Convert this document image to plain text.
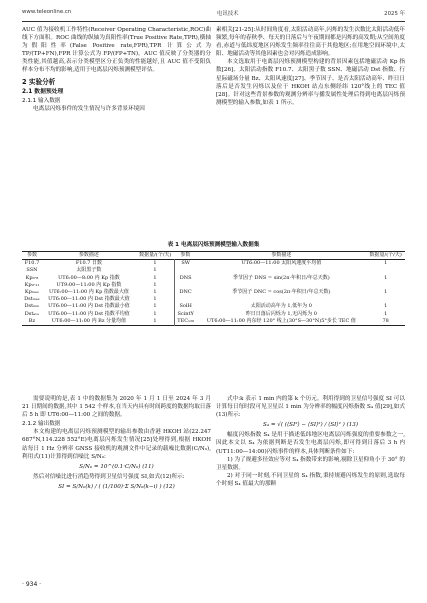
www.teleonline.cn	电讯技术	2025 年

AUC 值为接收机工作特性(Receiver Operating Characteristic,ROC)曲线下方面积。ROC 曲线的纵轴为真阳性率(True Positive Rate,TPR),横轴为假阳性率(False Positive rate,FPR),TPR 计算公式为 TP/(TP+FN),FPR 计算公式为 FP/(FP+TN)。AUC 值反映了分类器的分类性能,其值越高,表示分类模型区分正负类的性能越好,且 AUC 值不受阳负样本分布不均的影响,适用于电离层闪烁预测模型评估。

2 实验分析
2.1 数据预处理
2.1.1 输入数据

电离层闪烁事件的发生情况与许多背景环境因

素相关[21-25]:从时间角度看,太阳活动高年,闪烁的发生次数比太阳活动低年频繁,每年的春秋季、每天的日落后与午夜期间都是闪烁的高发期;从空间角度看,赤道与低纬度地区闪烁发生频率往往高于其他地区;在用地空间环境中,太阳、地磁活动等其他因素也会对闪烁造成影响。

本文选取用于电离层闪烁预测模型构建的背景因素包括地磁活动 Kp 指数[26]、太阳活动指数 F10.7、太阳黑子数 SSN、地磁活动 Dst 指数、行星际磁场分量 Bz、太阳风速度[27]、季节因子、是否太阳活动高年、昨日日落后是否发生闪烁以及位于 HKOH 站点东侧经纬 120°线上的 TEC 值[28]。针对这些背景参数的观测分辨率与播发属性处理后得到电离层闪烁预测模型的输入参数,如表 1 所示。

表 1 电离层闪烁预测模型输入数据集
参数	参数描述	数据量/(个/天)	参数	参数描述	数据量/(个/天)
F10.7	F10.7 日数	1	SW	UT6:00—11:00 太阳风速度平均值	1
SSN	太阳黑子数	1			
Kp₀-₈	UT6:00—8:00 内 Kp 指数	1	DNS	季节因子 DNS = sin(2π·年积日/年总天数)	1
Kp₉-₁₁	UT9:00—11:00 内 Kp 指数	1			
Kpₘₐₓ	UT6:00—11:00 内 Kp 指数最大值	1	DNC	季节因子 DNC = cos(2π·年积日/年总天数)	1
Dstₘₐₓ	UT6:00—11:00 内 Dst 指数最大值	1			
Dstₘᵢₙ	UT6:00—11:00 内 Dst 指数最小值	1	SolH	太阳活动高年为 1,低年为 0	1
Dstₐᵥₑ	UT6:00—11:00 内 Dst 指数平均值	1	ScintY	昨日日落后闪烁为 1,无闪烁为 0	1
Bz	UT6:00—11:00 内 Bz 分量均值	1	TEC₁₂₀	UT6:00—11:00 内东经 120° 线上(30°S—30°N)5°步长 TEC 值	78

需要说明的是,表 1 中的数据集为 2020 年 1 月 1 日至 2024 年 3 月 21 日期间的数据,其中 1 542 个样本,在当天内具有时间跨度的数据均取日落后 5 h 即 UT6:00—11:00 之间的数据。

2.1.2 输出数据

本文构建的电离层闪烁预测模型的输出参数由香港 HKOH 站(22.247 687°N,114.228 552°E)电离层闪烁发生情况[25]处理得到,根据 HKOH 站每日 1 Hz 分辨率 GNSS 接收机的观测文件中记录的载噪比数据(C/N₀),利用式(11)计算得到信噪比 S/N₀:

S/N₀ = 10^(0.1·C/N₀) (11)

然后对信噪比进行消趋势得到卫星信号强度 SI,如式(12)所示:

SI = S/N₀(k) / ( (1/100)·Σ S/N₀(k−i) ) (12)

式中:k 表示 1 min 内的第 k 个历元。利用得到的卫星信号强度 SI 可以计算每日每时段可见卫星以 1 min 为分辨率的幅度闪烁指数 S₄ 值[29],如式(13)所示:

S₄ = √( (⟨SI²⟩ − ⟨SI⟩²) / ⟨SI⟩² ) (13)

幅度闪烁指数 S₄ 是用于描述低纬地区电离层闪烁强度的重要参数之一,因此本文以 S₄ 为依据判断是否发生电离层闪烁,即可得到日落后 3 h 内(UT11:00—14:00)闪烁事件的样本,具体判断条件如下:

1) 为了规避多径效应等对 S₄ 指数带来的影响,剔除卫星仰角小于 30° 的卫星数据。

2) 对于同一时刻,不同卫星的 S₄ 指数,秉持规避闪烁发生的原则,选取每个时刻 S₄ 值最大的那颗

· 934 ·
